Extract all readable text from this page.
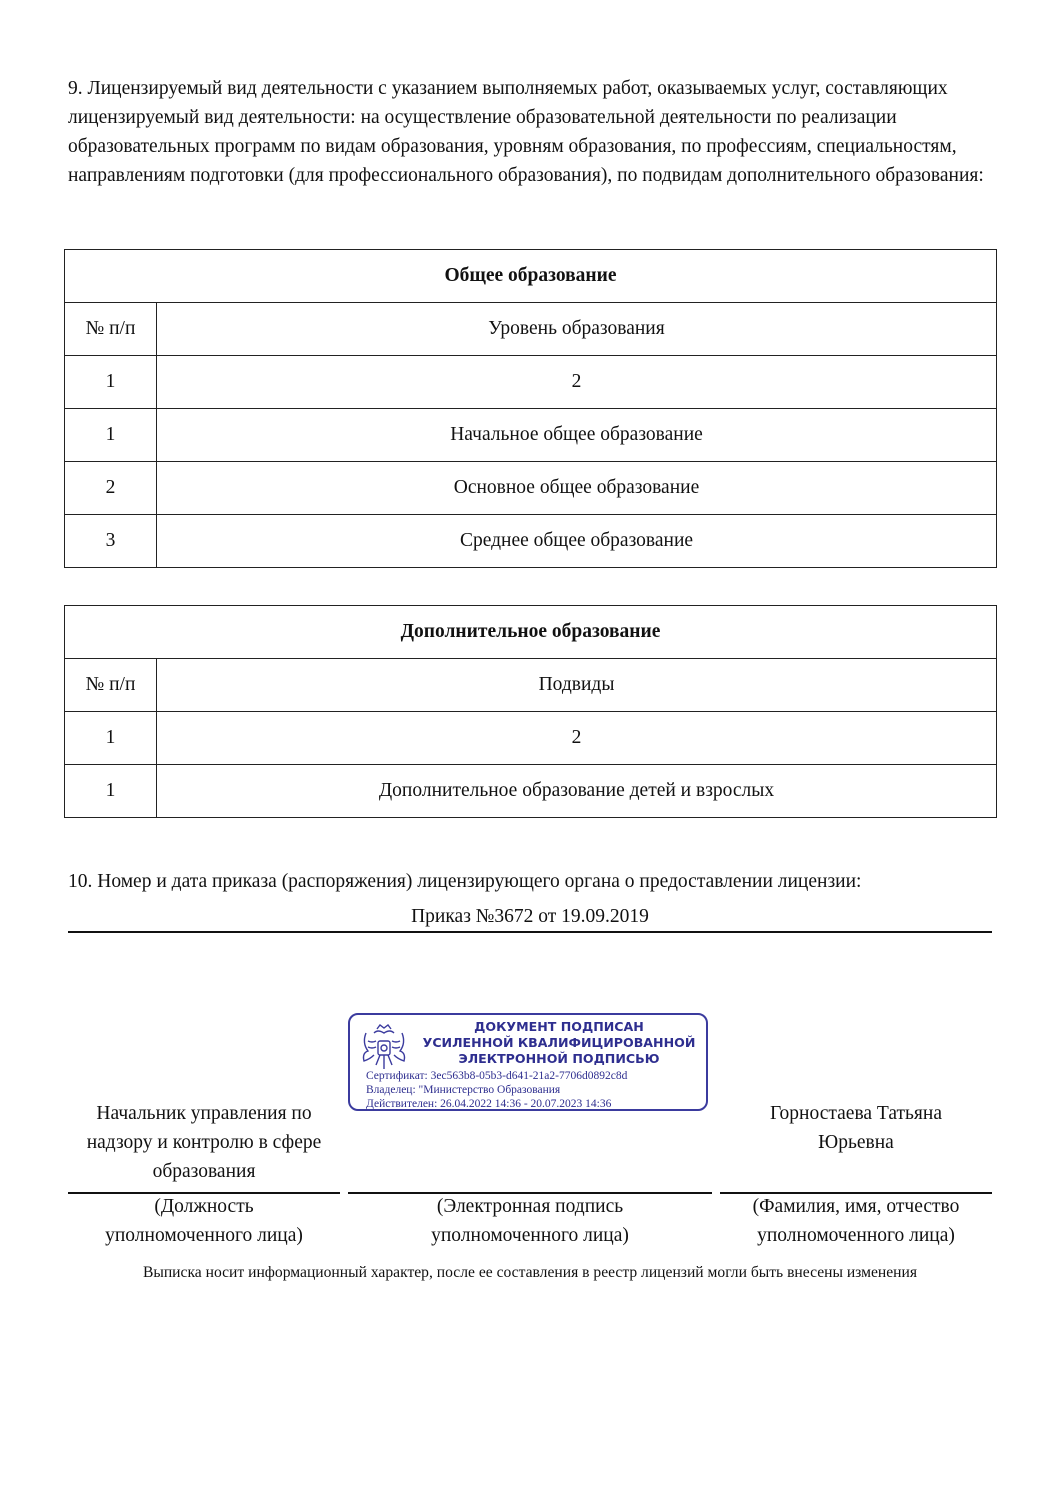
9. Лицензируемый вид деятельности с указанием выполняемых работ, оказываемых услуг, составляющих лицензируемый вид деятельности: на осуществление образовательной деятельности по реализации образовательных программ по видам образования, уровням образования, по профессиям, специальностям, направлениям подготовки (для профессионального образования), по подвидам дополнительного образования:
Общее образование	
№ п/п	Уровень образования
1	2
1	Начальное общее образование
2	Основное общее образование
3	Среднее общее образование
Дополнительное образование	
№ п/п	Подвиды
1	2
1	Дополнительное образование детей и взрослых
10. Номер и дата приказа (распоряжения) лицензирующего органа о предоставлении лицензии:
Приказ №3672 от 19.09.2019
ДОКУМЕНТ ПОДПИСАН
УСИЛЕННОЙ КВАЛИФИЦИРОВАННОЙ
ЭЛЕКТРОННОЙ ПОДПИСЬЮ
Сертификат: 3ec563b8-05b3-d641-21a2-7706d0892c8d
Владелец: "Министерство Образования
Действителен: 26.04.2022 14:36 - 20.07.2023 14:36
Начальник управления по
надзору и контролю в сфере
образования
Горностаева Татьяна
Юрьевна
(Должность
уполномоченного лица)
(Электронная подпись
уполномоченного лица)
(Фамилия, имя, отчество
уполномоченного лица)
Выписка носит информационный характер, после ее составления в реестр лицензий могли быть внесены изменения
